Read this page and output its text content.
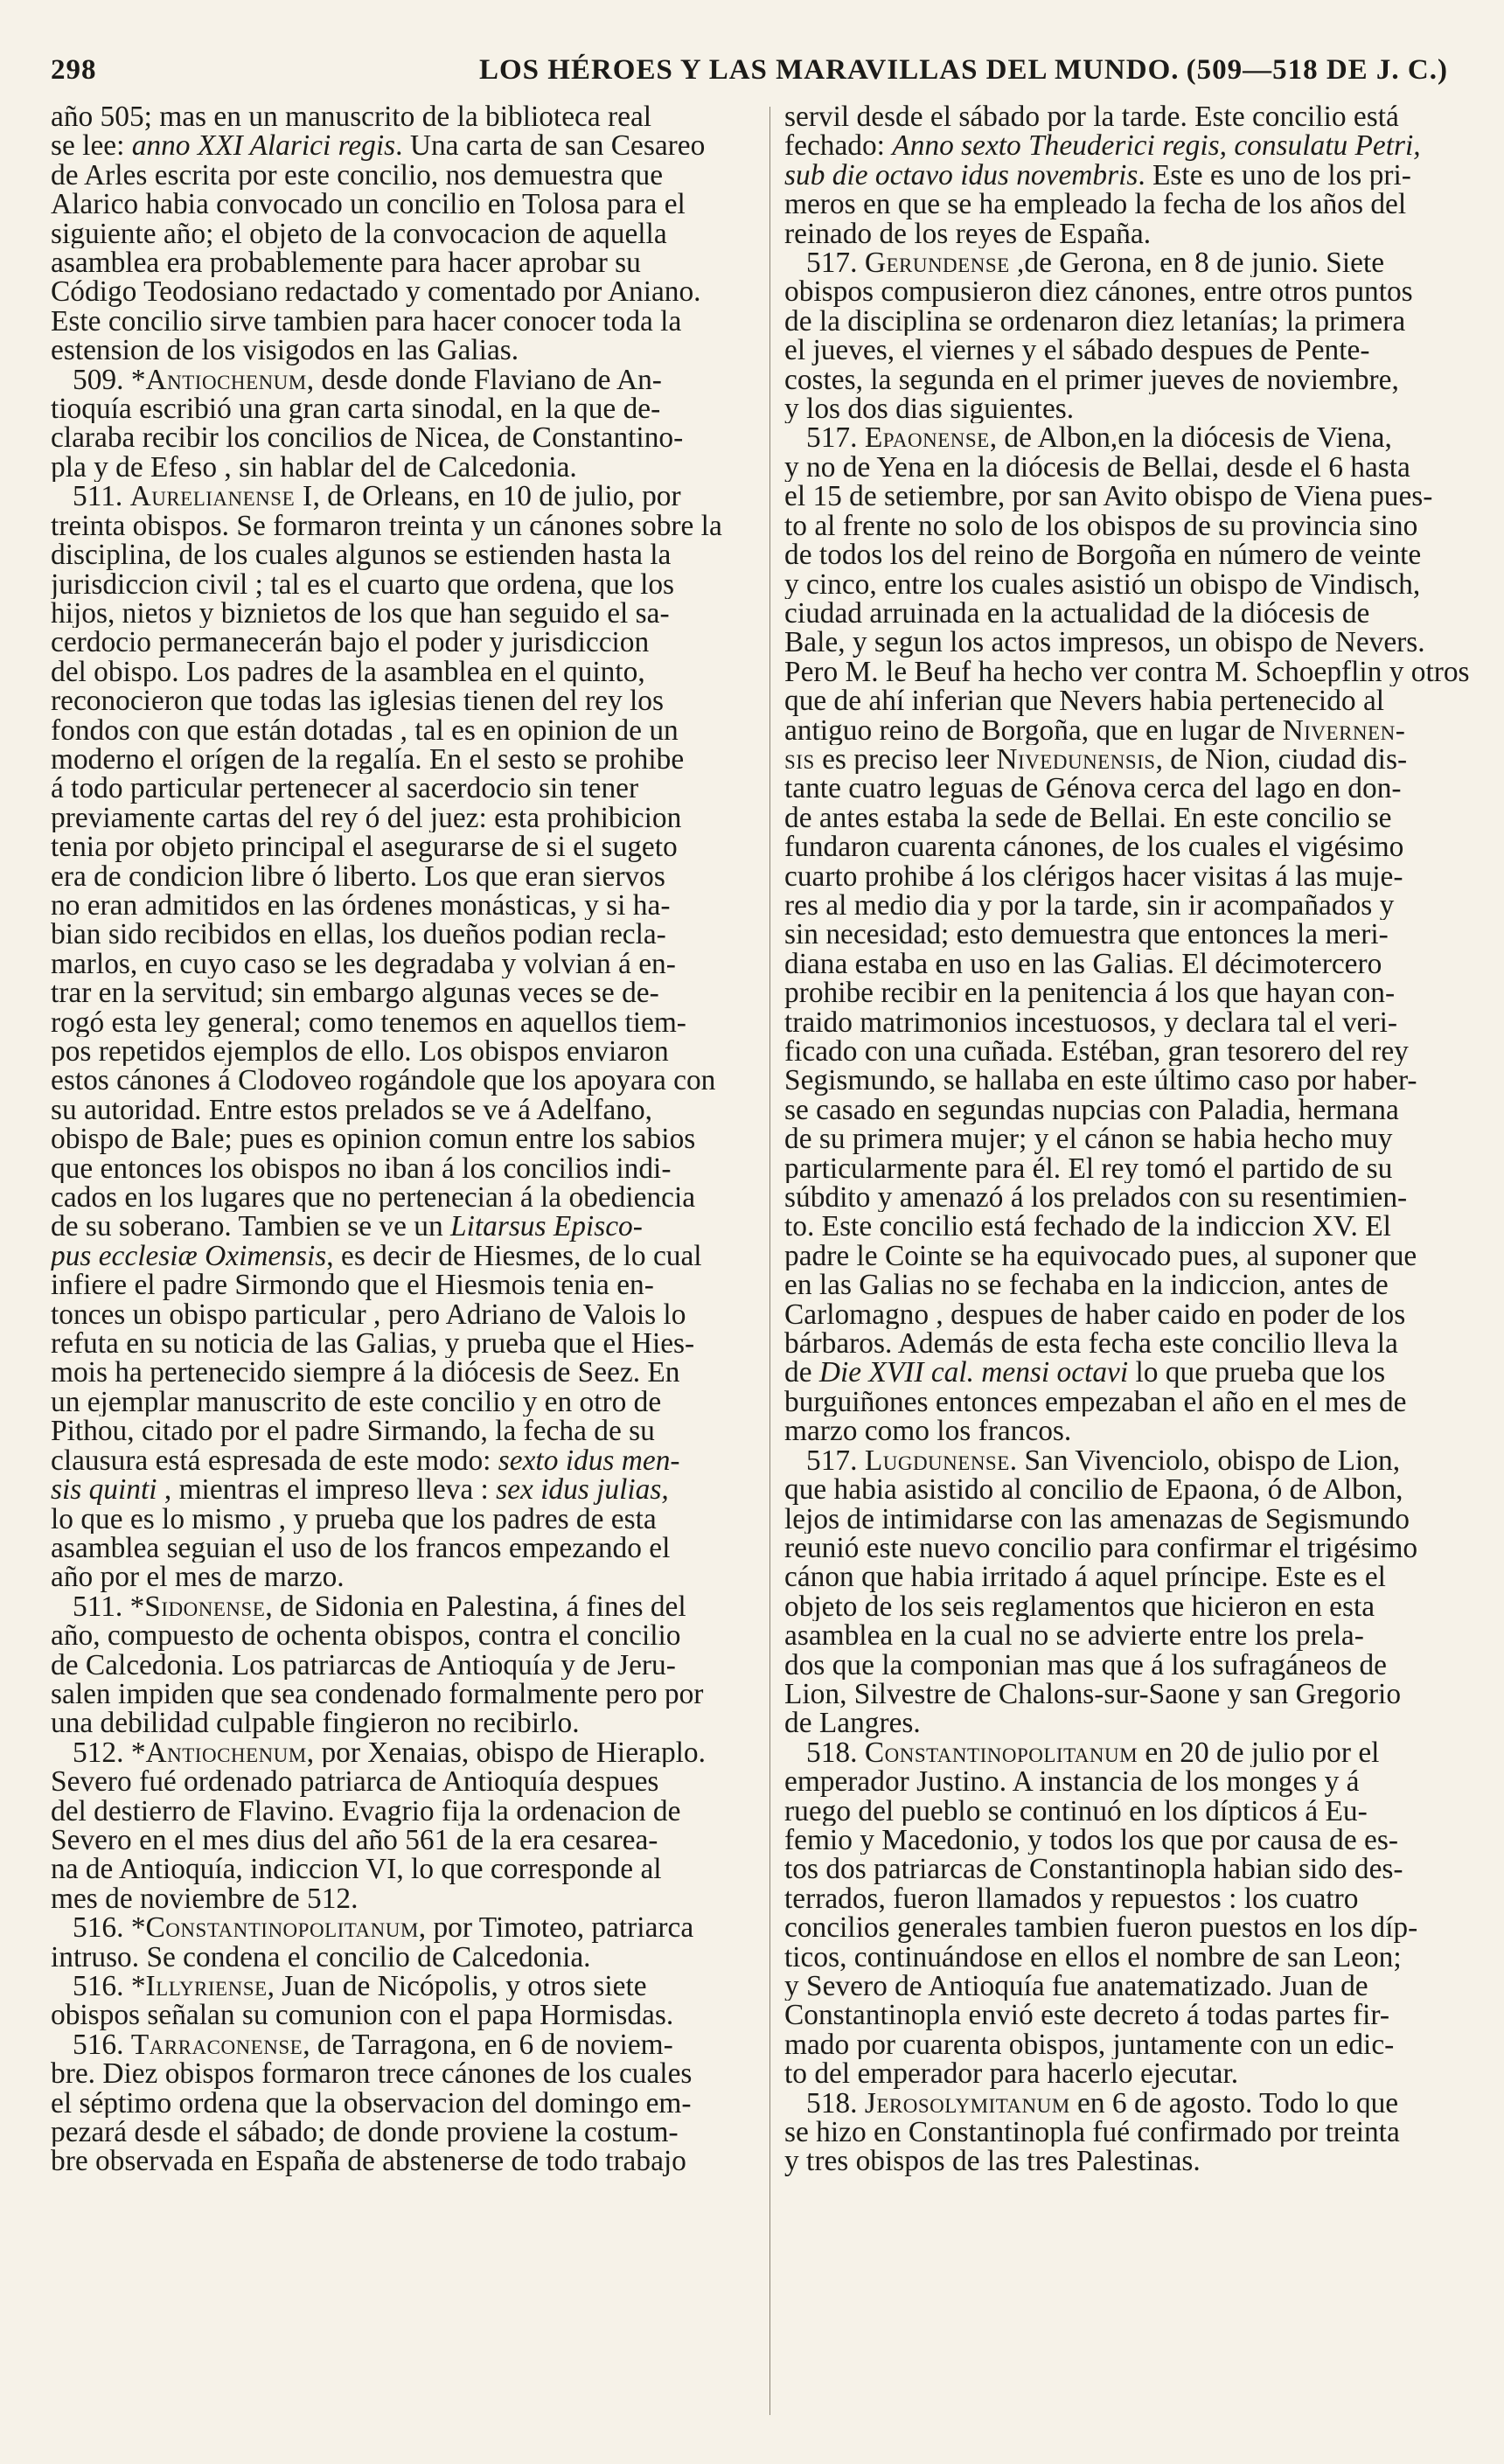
298	LOS HÉROES Y LAS MARAVILLAS DEL MUNDO. (509—518 DE J. C.)
año 505; mas en un manuscrito de la biblioteca real
se lee: anno XXI Alarici regis. Una carta de san Cesareo
de Arles escrita por este concilio, nos demuestra que
Alarico habia convocado un concilio en Tolosa para el
siguiente año; el objeto de la convocacion de aquella
asamblea era probablemente para hacer aprobar su
Código Teodosiano redactado y comentado por Aniano.
Este concilio sirve tambien para hacer conocer toda la
estension de los visigodos en las Galias.
509. *Antiochenum, desde donde Flaviano de An-
tioquía escribió una gran carta sinodal, en la que de-
claraba recibir los concilios de Nicea, de Constantino-
pla y de Efeso , sin hablar del de Calcedonia.
511. Aurelianense I, de Orleans, en 10 de julio, por
treinta obispos. Se formaron treinta y un cánones sobre la
disciplina, de los cuales algunos se estienden hasta la
jurisdiccion civil ; tal es el cuarto que ordena, que los
hijos, nietos y biznietos de los que han seguido el sa-
cerdocio permanecerán bajo el poder y jurisdiccion
del obispo. Los padres de la asamblea en el quinto,
reconocieron que todas las iglesias tienen del rey los
fondos con que están dotadas , tal es en opinion de un
moderno el orígen de la regalía. En el sesto se prohibe
á todo particular pertenecer al sacerdocio sin tener
previamente cartas del rey ó del juez: esta prohibicion
tenia por objeto principal el asegurarse de si el sugeto
era de condicion libre ó liberto. Los que eran siervos
no eran admitidos en las órdenes monásticas, y si ha-
bian sido recibidos en ellas, los dueños podian recla-
marlos, en cuyo caso se les degradaba y volvian á en-
trar en la servitud; sin embargo algunas veces se de-
rogó esta ley general; como tenemos en aquellos tiem-
pos repetidos ejemplos de ello. Los obispos enviaron
estos cánones á Clodoveo rogándole que los apoyara con
su autoridad. Entre estos prelados se ve á Adelfano,
obispo de Bale; pues es opinion comun entre los sabios
que entonces los obispos no iban á los concilios indi-
cados en los lugares que no pertenecian á la obediencia
de su soberano. Tambien se ve un Litarsus Episco-
pus ecclesiæ Oximensis, es decir de Hiesmes, de lo cual
infiere el padre Sirmondo que el Hiesmois tenia en-
tonces un obispo particular , pero Adriano de Valois lo
refuta en su noticia de las Galias, y prueba que el Hies-
mois ha pertenecido siempre á la diócesis de Seez. En
un ejemplar manuscrito de este concilio y en otro de
Pithou, citado por el padre Sirmando, la fecha de su
clausura está espresada de este modo: sexto idus men-
sis quinti , mientras el impreso lleva : sex idus julias,
lo que es lo mismo , y prueba que los padres de esta
asamblea seguian el uso de los francos empezando el
año por el mes de marzo.
511. *Sidonense, de Sidonia en Palestina, á fines del
año, compuesto de ochenta obispos, contra el concilio
de Calcedonia. Los patriarcas de Antioquía y de Jeru-
salen impiden que sea condenado formalmente pero por
una debilidad culpable fingieron no recibirlo.
512. *Antiochenum, por Xenaias, obispo de Hieraplo.
Severo fué ordenado patriarca de Antioquía despues
del destierro de Flavino. Evagrio fija la ordenacion de
Severo en el mes dius del año 561 de la era cesarea-
na de Antioquía, indiccion VI, lo que corresponde al
mes de noviembre de 512.
516. *Constantinopolitanum, por Timoteo, patriarca
intruso. Se condena el concilio de Calcedonia.
516. *Illyriense, Juan de Nicópolis, y otros siete
obispos señalan su comunion con el papa Hormisdas.
516. Tarraconense, de Tarragona, en 6 de noviem-
bre. Diez obispos formaron trece cánones de los cuales
el séptimo ordena que la observacion del domingo em-
pezará desde el sábado; de donde proviene la costum-
bre observada en España de abstenerse de todo trabajo
servil desde el sábado por la tarde. Este concilio está
fechado: Anno sexto Theuderici regis, consulatu Petri,
sub die octavo idus novembris. Este es uno de los pri-
meros en que se ha empleado la fecha de los años del
reinado de los reyes de España.
517. Gerundense ,de Gerona, en 8 de junio. Siete
obispos compusieron diez cánones, entre otros puntos
de la disciplina se ordenaron diez letanías; la primera
el jueves, el viernes y el sábado despues de Pente-
costes, la segunda en el primer jueves de noviembre,
y los dos dias siguientes.
517. Epaonense, de Albon,en la diócesis de Viena,
y no de Yena en la diócesis de Bellai, desde el 6 hasta
el 15 de setiembre, por san Avito obispo de Viena pues-
to al frente no solo de los obispos de su provincia sino
de todos los del reino de Borgoña en número de veinte
y cinco, entre los cuales asistió un obispo de Vindisch,
ciudad arruinada en la actualidad de la diócesis de
Bale, y segun los actos impresos, un obispo de Nevers.
Pero M. le Beuf ha hecho ver contra M. Schoepflin y otros
que de ahí inferian que Nevers habia pertenecido al
antiguo reino de Borgoña, que en lugar de Nivernen-
sis es preciso leer Nivedunensis, de Nion, ciudad dis-
tante cuatro leguas de Génova cerca del lago en don-
de antes estaba la sede de Bellai. En este concilio se
fundaron cuarenta cánones, de los cuales el vigésimo
cuarto prohibe á los clérigos hacer visitas á las muje-
res al medio dia y por la tarde, sin ir acompañados y
sin necesidad; esto demuestra que entonces la meri-
diana estaba en uso en las Galias. El décimotercero
prohibe recibir en la penitencia á los que hayan con-
traido matrimonios incestuosos, y declara tal el veri-
ficado con una cuñada. Estéban, gran tesorero del rey
Segismundo, se hallaba en este último caso por haber-
se casado en segundas nupcias con Paladia, hermana
de su primera mujer; y el cánon se habia hecho muy
particularmente para él. El rey tomó el partido de su
súbdito y amenazó á los prelados con su resentimien-
to. Este concilio está fechado de la indiccion XV. El
padre le Cointe se ha equivocado pues, al suponer que
en las Galias no se fechaba en la indiccion, antes de
Carlomagno , despues de haber caido en poder de los
bárbaros. Además de esta fecha este concilio lleva la
de Die XVII cal. mensi octavi lo que prueba que los
burguiñones entonces empezaban el año en el mes de
marzo como los francos.
517. Lugdunense. San Vivenciolo, obispo de Lion,
que habia asistido al concilio de Epaona, ó de Albon,
lejos de intimidarse con las amenazas de Segismundo
reunió este nuevo concilio para confirmar el trigésimo
cánon que habia irritado á aquel príncipe. Este es el
objeto de los seis reglamentos que hicieron en esta
asamblea en la cual no se advierte entre los prela-
dos que la componian mas que á los sufragáneos de
Lion, Silvestre de Chalons-sur-Saone y san Gregorio
de Langres.
518. Constantinopolitanum en 20 de julio por el
emperador Justino. A instancia de los monges y á
ruego del pueblo se continuó en los dípticos á Eu-
femio y Macedonio, y todos los que por causa de es-
tos dos patriarcas de Constantinopla habian sido des-
terrados, fueron llamados y repuestos : los cuatro
concilios generales tambien fueron puestos en los díp-
ticos, continuándose en ellos el nombre de san Leon;
y Severo de Antioquía fue anatematizado. Juan de
Constantinopla envió este decreto á todas partes fir-
mado por cuarenta obispos, juntamente con un edic-
to del emperador para hacerlo ejecutar.
518. Jerosolymitanum en 6 de agosto. Todo lo que
se hizo en Constantinopla fué confirmado por treinta
y tres obispos de las tres Palestinas.
